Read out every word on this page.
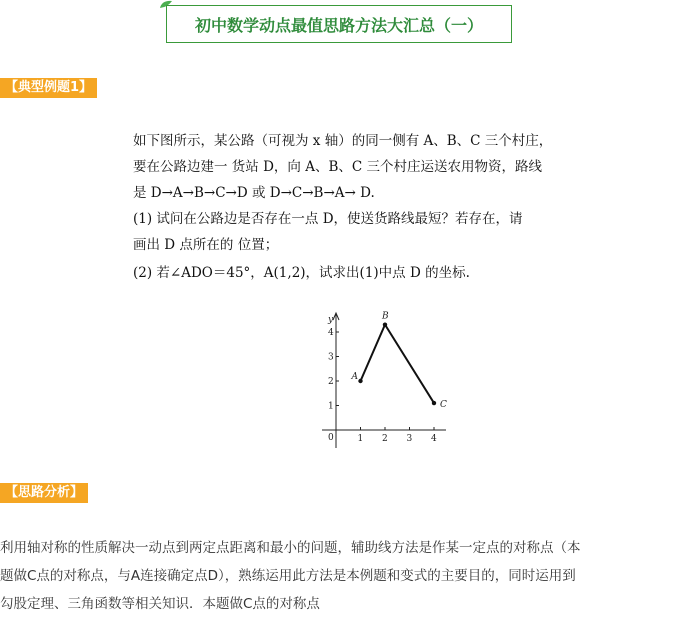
初中数学动点最值思路方法大汇总（一）
【典型例题1】

如下图所示，某公路（可视为 x 轴）的同一侧有 A、B、C 三个村庄，

要在公路边建一 货站 D，向 A、B、C 三个村庄运送农用物资，路线

是 D→A→B→C→D 或 D→C→B→A→ D.

(1) 试问在公路边是否存在一点 D，使送货路线最短？若存在，请

画出 D 点所在的 位置；

(2) 若∠ADO＝45°，A(1,2)，试求出(1)中点 D 的坐标.

y
0	1 2 3 4
1
2
3
4
A
B
C
【思路分析】

利用轴对称的性质解决一动点到两定点距离和最小的问题，辅助线方法是作某一定点的对称点（本

题做C点的对称点，与A连接确定点D），熟练运用此方法是本例题和变式的主要目的，同时运用到

勾股定理、三角函数等相关知识．本题做C点的对称点
